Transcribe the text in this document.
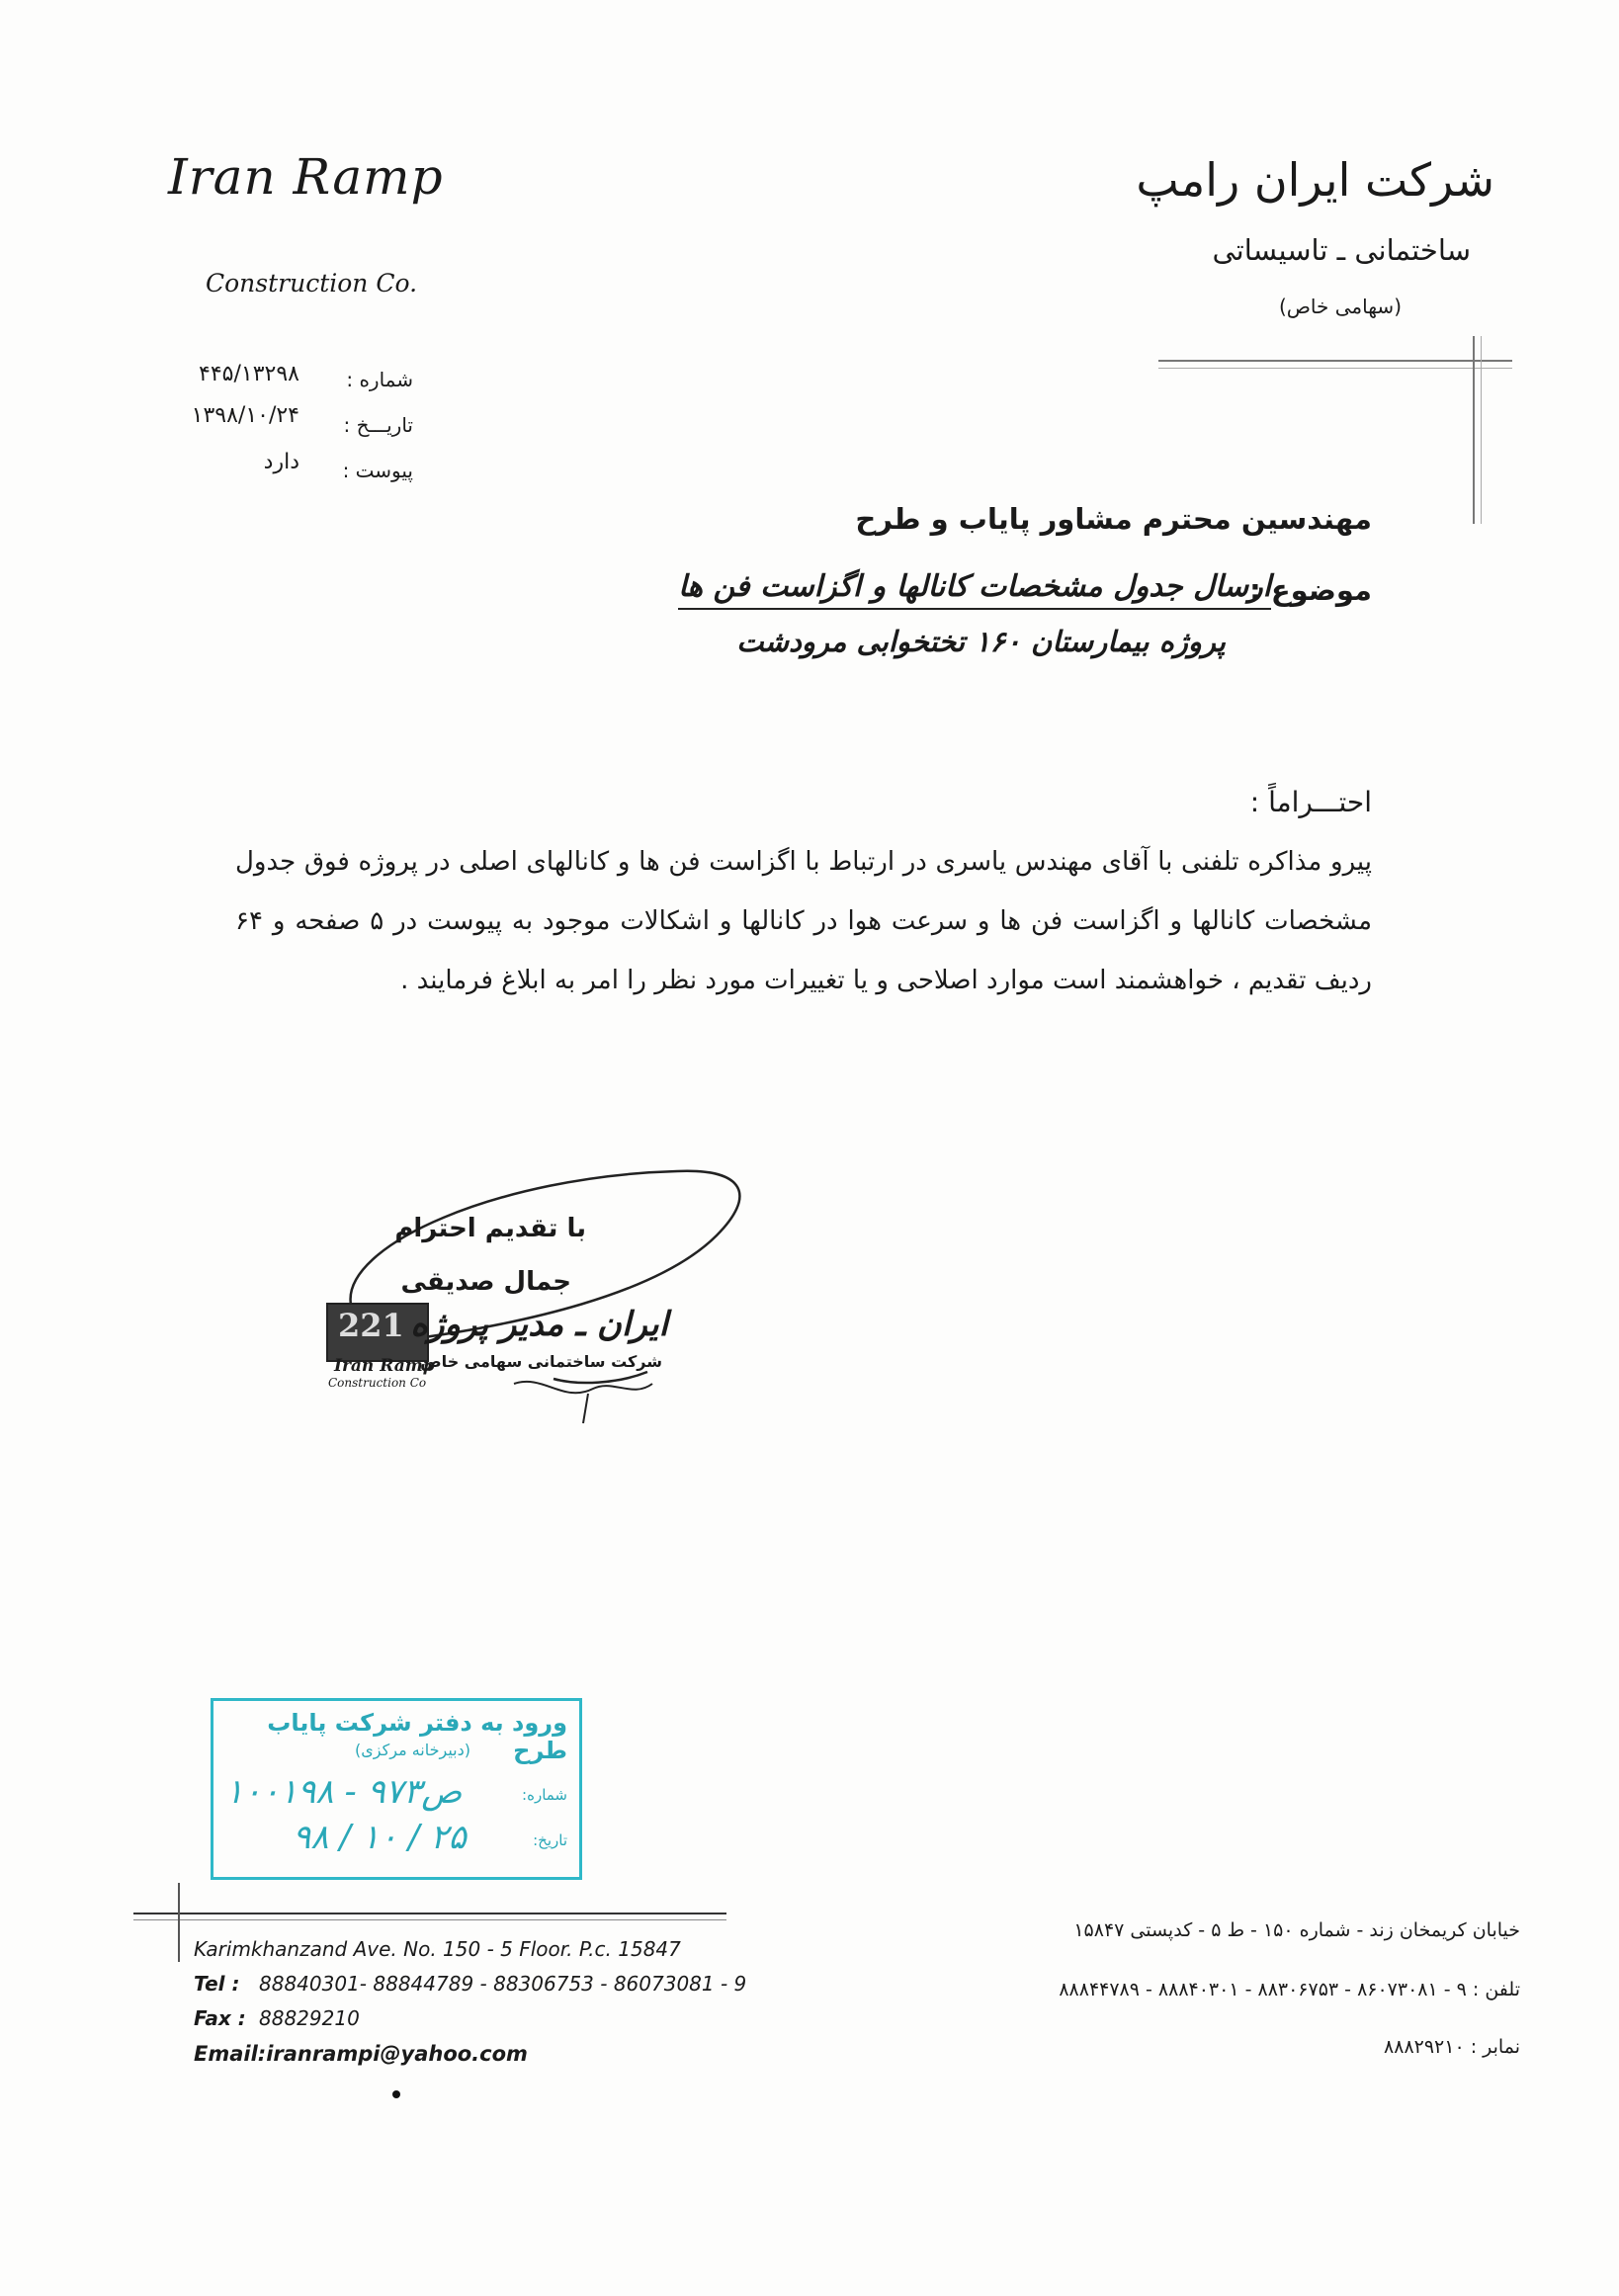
Iran Ramp
Construction Co.
شرکت ایران رامپ
ساختمانی ـ تاسیساتی
(سهامی خاص)
شماره :
۴۴۵/۱۳۲۹۸
تاریـــخ :
۱۳۹۸/۱۰/۲۴
پیوست :
دارد
مهندسین محترم مشاور پایاب و طرح
موضوع :
ارسال جدول مشخصات کانالها و اگزاست فن ها
پروژه بیمارستان ۱۶۰ تختخوابی مرودشت
احتـــراماً :
پیرو مذاکره تلفنی با آقای مهندس یاسری در ارتباط با اگزاست فن ها و کانالهای اصلی در پروژه فوق جدول مشخصات کانالها و اگزاست فن ها و سرعت هوا در کانالها و اشکالات موجود به پیوست در ۵ صفحه و ۶۴ ردیف تقدیم ، خواهشمند است موارد اصلاحی و یا تغییرات مورد نظر را امر به ابلاغ فرمایند .
با تقدیم احترام
جمال صدیقی
221 ایران ـ مدیر پروژه
شرکت ساختمانی سهامی خاص
Iran Ramp
Construction Co
ورود به دفتر شرکت پایاب طرح
(دبیرخانه مرکزی)
شماره:
۱۰۰۱۹۸ - ۹۷۳ص
تاریخ:
۹۸ / ۱۰ / ۲۵
Karimkhanzand Ave. No. 150 - 5 Floor. P.c. 15847
Tel : 88840301- 88844789 - 88306753 - 86073081 - 9
Fax : 88829210
Email:iranrampi@yahoo.com
خیابان کریمخان زند - شماره ۱۵۰ - ط ۵ - کدپستی ۱۵۸۴۷
تلفن : ۹ - ۸۶۰۷۳۰۸۱ - ۸۸۳۰۶۷۵۳ - ۸۸۸۴۰۳۰۱ - ۸۸۸۴۴۷۸۹
نمابر : ۸۸۸۲۹۲۱۰
